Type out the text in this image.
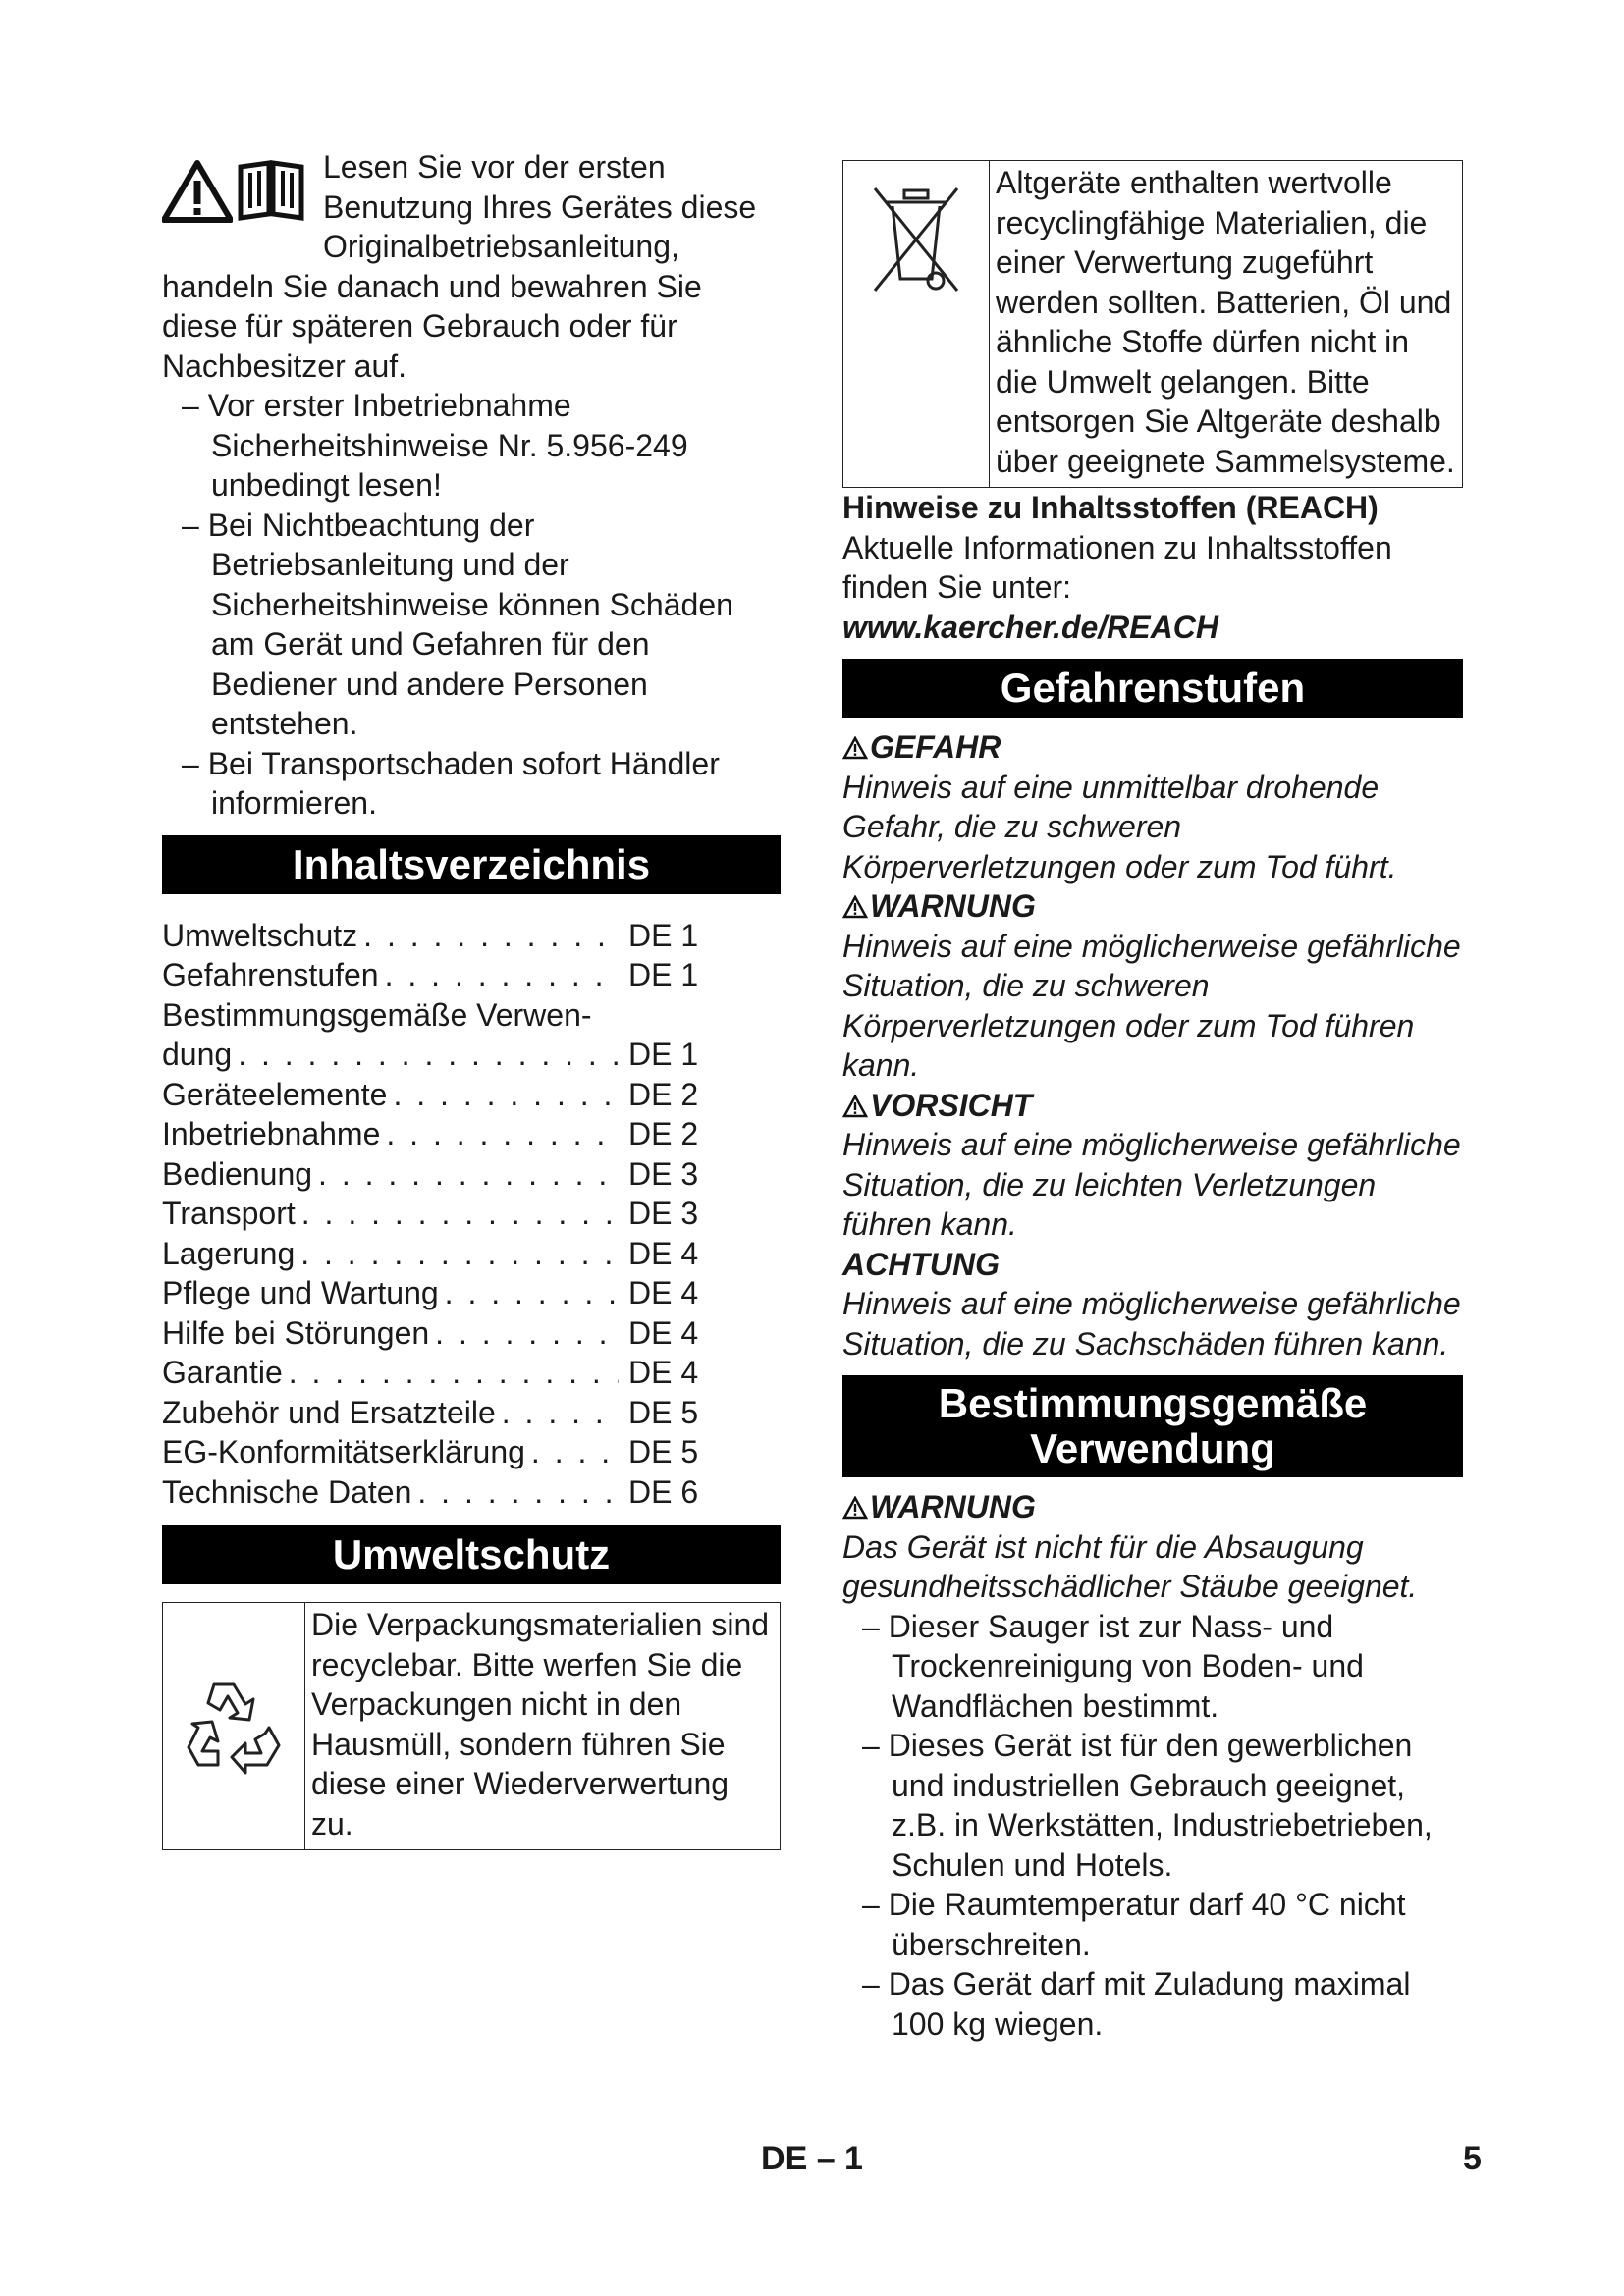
Lesen Sie vor der ersten Benutzung Ihres Gerätes diese Originalbetriebsanleitung, handeln Sie danach und bewahren Sie diese für späteren Gebrauch oder für Nachbesitzer auf.

– Vor erster Inbetriebnahme Sicherheitshinweise Nr. 5.956-249 unbedingt lesen!

– Bei Nichtbeachtung der Betriebsanleitung und der Sicherheitshinweise können Schäden am Gerät und Gefahren für den Bediener und andere Personen entstehen.

– Bei Transportschaden sofort Händler informieren.

Inhaltsverzeichnis
Umweltschutz . . .	DE 1
Gefahrenstufen . . .	DE 1
Bestimmungsgemäße Verwen-
dung . . .	DE 1
Geräteelemente . . .	DE 2
Inbetriebnahme . . .	DE 2
Bedienung . . .	DE 3
Transport . . .	DE 3
Lagerung . . .	DE 4
Pflege und Wartung . . .	DE 4
Hilfe bei Störungen . . .	DE 4
Garantie . . .	DE 4
Zubehör und Ersatzteile . . .	DE 5
EG-Konformitätserklärung . . .	DE 5
Technische Daten . . .	DE 6
Umweltschutz
Die Verpackungsmaterialien sind recyclebar. Bitte werfen Sie die Verpackungen nicht in den Hausmüll, sondern führen Sie diese einer Wiederverwertung zu.
Altgeräte enthalten wertvolle recyclingfähige Materialien, die einer Verwertung zugeführt werden sollten. Batterien, Öl und ähnliche Stoffe dürfen nicht in die Umwelt gelangen. Bitte entsorgen Sie Altgeräte deshalb über geeignete Sammelsysteme.

Hinweise zu Inhaltsstoffen (REACH)

Aktuelle Informationen zu Inhaltsstoffen finden Sie unter:

www.kaercher.de/REACH

Gefahrenstufen

GEFAHR

Hinweis auf eine unmittelbar drohende Gefahr, die zu schweren Körperverletzungen oder zum Tod führt.

WARNUNG

Hinweis auf eine möglicherweise gefährliche Situation, die zu schweren Körperverletzungen oder zum Tod führen kann.

VORSICHT

Hinweis auf eine möglicherweise gefährliche Situation, die zu leichten Verletzungen führen kann.

ACHTUNG

Hinweis auf eine möglicherweise gefährliche Situation, die zu Sachschäden führen kann.

Bestimmungsgemäße
Verwendung

WARNUNG

Das Gerät ist nicht für die Absaugung gesundheitsschädlicher Stäube geeignet.

– Dieser Sauger ist zur Nass- und Trockenreinigung von Boden- und Wandflächen bestimmt.

– Dieses Gerät ist für den gewerblichen und industriellen Gebrauch geeignet, z.B. in Werkstätten, Industriebetrieben, Schulen und Hotels.

– Die Raumtemperatur darf 40 °C nicht überschreiten.

– Das Gerät darf mit Zuladung maximal 100 kg wiegen.

DE – 1	5
